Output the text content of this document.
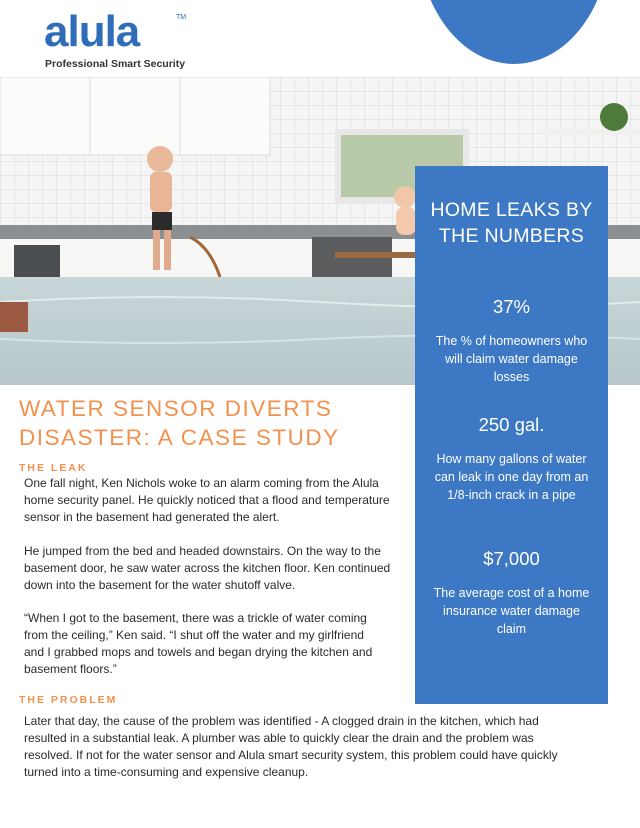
alula	TM
Professional Smart Security
HOME LEAKS BY
THE NUMBERS
37%
The % of homeowners who will claim water damage losses
250 gal.
How many gallons of water can leak in one day from an 1/8-inch crack in a pipe
$7,000
The average cost of a home insurance water damage claim
WATER SENSOR DIVERTS
DISASTER: A CASE STUDY
THE LEAK
One fall night, Ken Nichols woke to an alarm coming from the Alula
home security panel. He quickly noticed that a flood and temperature
sensor in the basement had generated the alert.
He jumped from the bed and headed downstairs. On the way to the
basement door, he saw water across the kitchen floor. Ken continued
down into the basement for the water shutoff valve.
“When I got to the basement, there was a trickle of water coming
from the ceiling,” Ken said. “I shut off the water and my girlfriend
and I grabbed mops and towels and began drying the kitchen and
basement floors.”
THE PROBLEM
Later that day, the cause of the problem was identified - A clogged drain in the kitchen, which had
resulted in a substantial leak. A plumber was able to quickly clear the drain and the problem was
resolved. If not for the water sensor and Alula smart security system, this problem could have quickly
turned into a time-consuming and expensive cleanup.
